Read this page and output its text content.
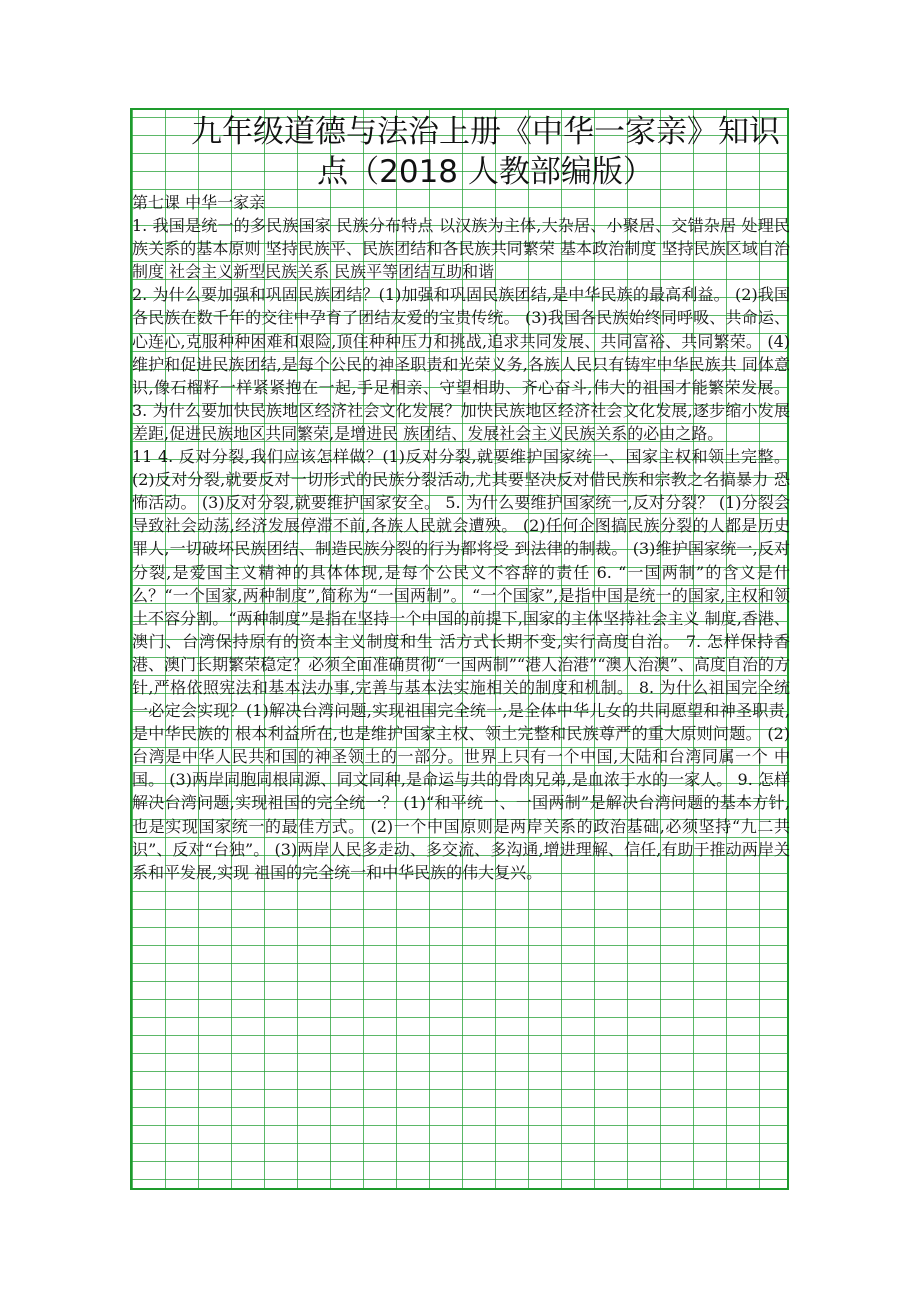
九年级道德与法治上册《中华一家亲》知识
点（2018 人教部编版）

第七课 中华一家亲

1. 我国是统一的多民族国家 民族分布特点 以汉族为主体,大杂居、小聚居、交错杂居 处理民族关系的基本原则 坚持民族平、民族团结和各民族共同繁荣 基本政治制度 坚持民族区域自治制度 社会主义新型民族关系 民族平等团结互助和谐

2. 为什么要加强和巩固民族团结？(1)加强和巩固民族团结,是中华民族的最高利益。 (2)我国各民族在数千年的交往中孕育了团结友爱的宝贵传统。 (3)我国各民族始终同呼吸、共命运、心连心,克服种种困难和艰险,顶住种种压力和挑战,追求共同发展、共同富裕、共同繁荣。 (4)维护和促进民族团结,是每个公民的神圣职责和光荣义务,各族人民只有铸牢中华民族共 同体意识,像石榴籽一样紧紧抱在一起,手足相亲、守望相助、齐心奋斗,伟大的祖国才能繁荣发展。 3. 为什么要加快民族地区经济社会文化发展？加快民族地区经济社会文化发展,逐步缩小发展差距,促进民族地区共同繁荣,是增进民 族团结、发展社会主义民族关系的必由之路。

11 4. 反对分裂,我们应该怎样做？(1)反对分裂,就要维护国家统一、国家主权和领土完整。 (2)反对分裂,就要反对一切形式的民族分裂活动,尤其要坚决反对借民族和宗教之名搞暴力 恐怖活动。 (3)反对分裂,就要维护国家安全。 5. 为什么要维护国家统一,反对分裂？ (1)分裂会导致社会动荡,经济发展停滞不前,各族人民就会遭殃。 (2)任何企图搞民族分裂的人都是历史罪人,一切破坏民族团结、制造民族分裂的行为都将受 到法律的制裁。 (3)维护国家统一,反对分裂,是爱国主义精神的具体体现,是每个公民义不容辞的责任 6. “一国两制”的含义是什么？“一个国家,两种制度”,简称为“一国两制”。 “一个国家”,是指中国是统一的国家,主权和领土不容分割。“两种制度”是指在坚持一个中国的前提下,国家的主体坚持社会主义 制度,香港、澳门、台湾保持原有的资本主义制度和生 活方式长期不变,实行高度自治。 7. 怎样保持香港、澳门长期繁荣稳定？必须全面准确贯彻“一国两制”“港人治港”“澳人治澳”、高度自治的方 针,严格依照宪法和基本法办事,完善与基本法实施相关的制度和机制。 8. 为什么祖国完全统一必定会实现？(1)解决台湾问题,实现祖国完全统一,是全体中华儿女的共同愿望和神圣职责,是中华民族的 根本利益所在,也是维护国家主权、领土完整和民族尊严的重大原则问题。 (2)台湾是中华人民共和国的神圣领土的一部分。世界上只有一个中国,大陆和台湾同属一个 中国。 (3)两岸同胞同根同源、同文同种,是命运与共的骨肉兄弟,是血浓于水的一家人。 9. 怎样解决台湾问题,实现祖国的完全统一？ (1)“和平统一、一国两制”是解决台湾问题的基本方针,也是实现国家统一的最佳方式。 (2)一个中国原则是两岸关系的政治基础,必须坚持“九二共识”、反对“台独”。 (3)两岸人民多走动、多交流、多沟通,增进理解、信任,有助于推动两岸关系和平发展,实现 祖国的完全统一和中华民族的伟大复兴。
